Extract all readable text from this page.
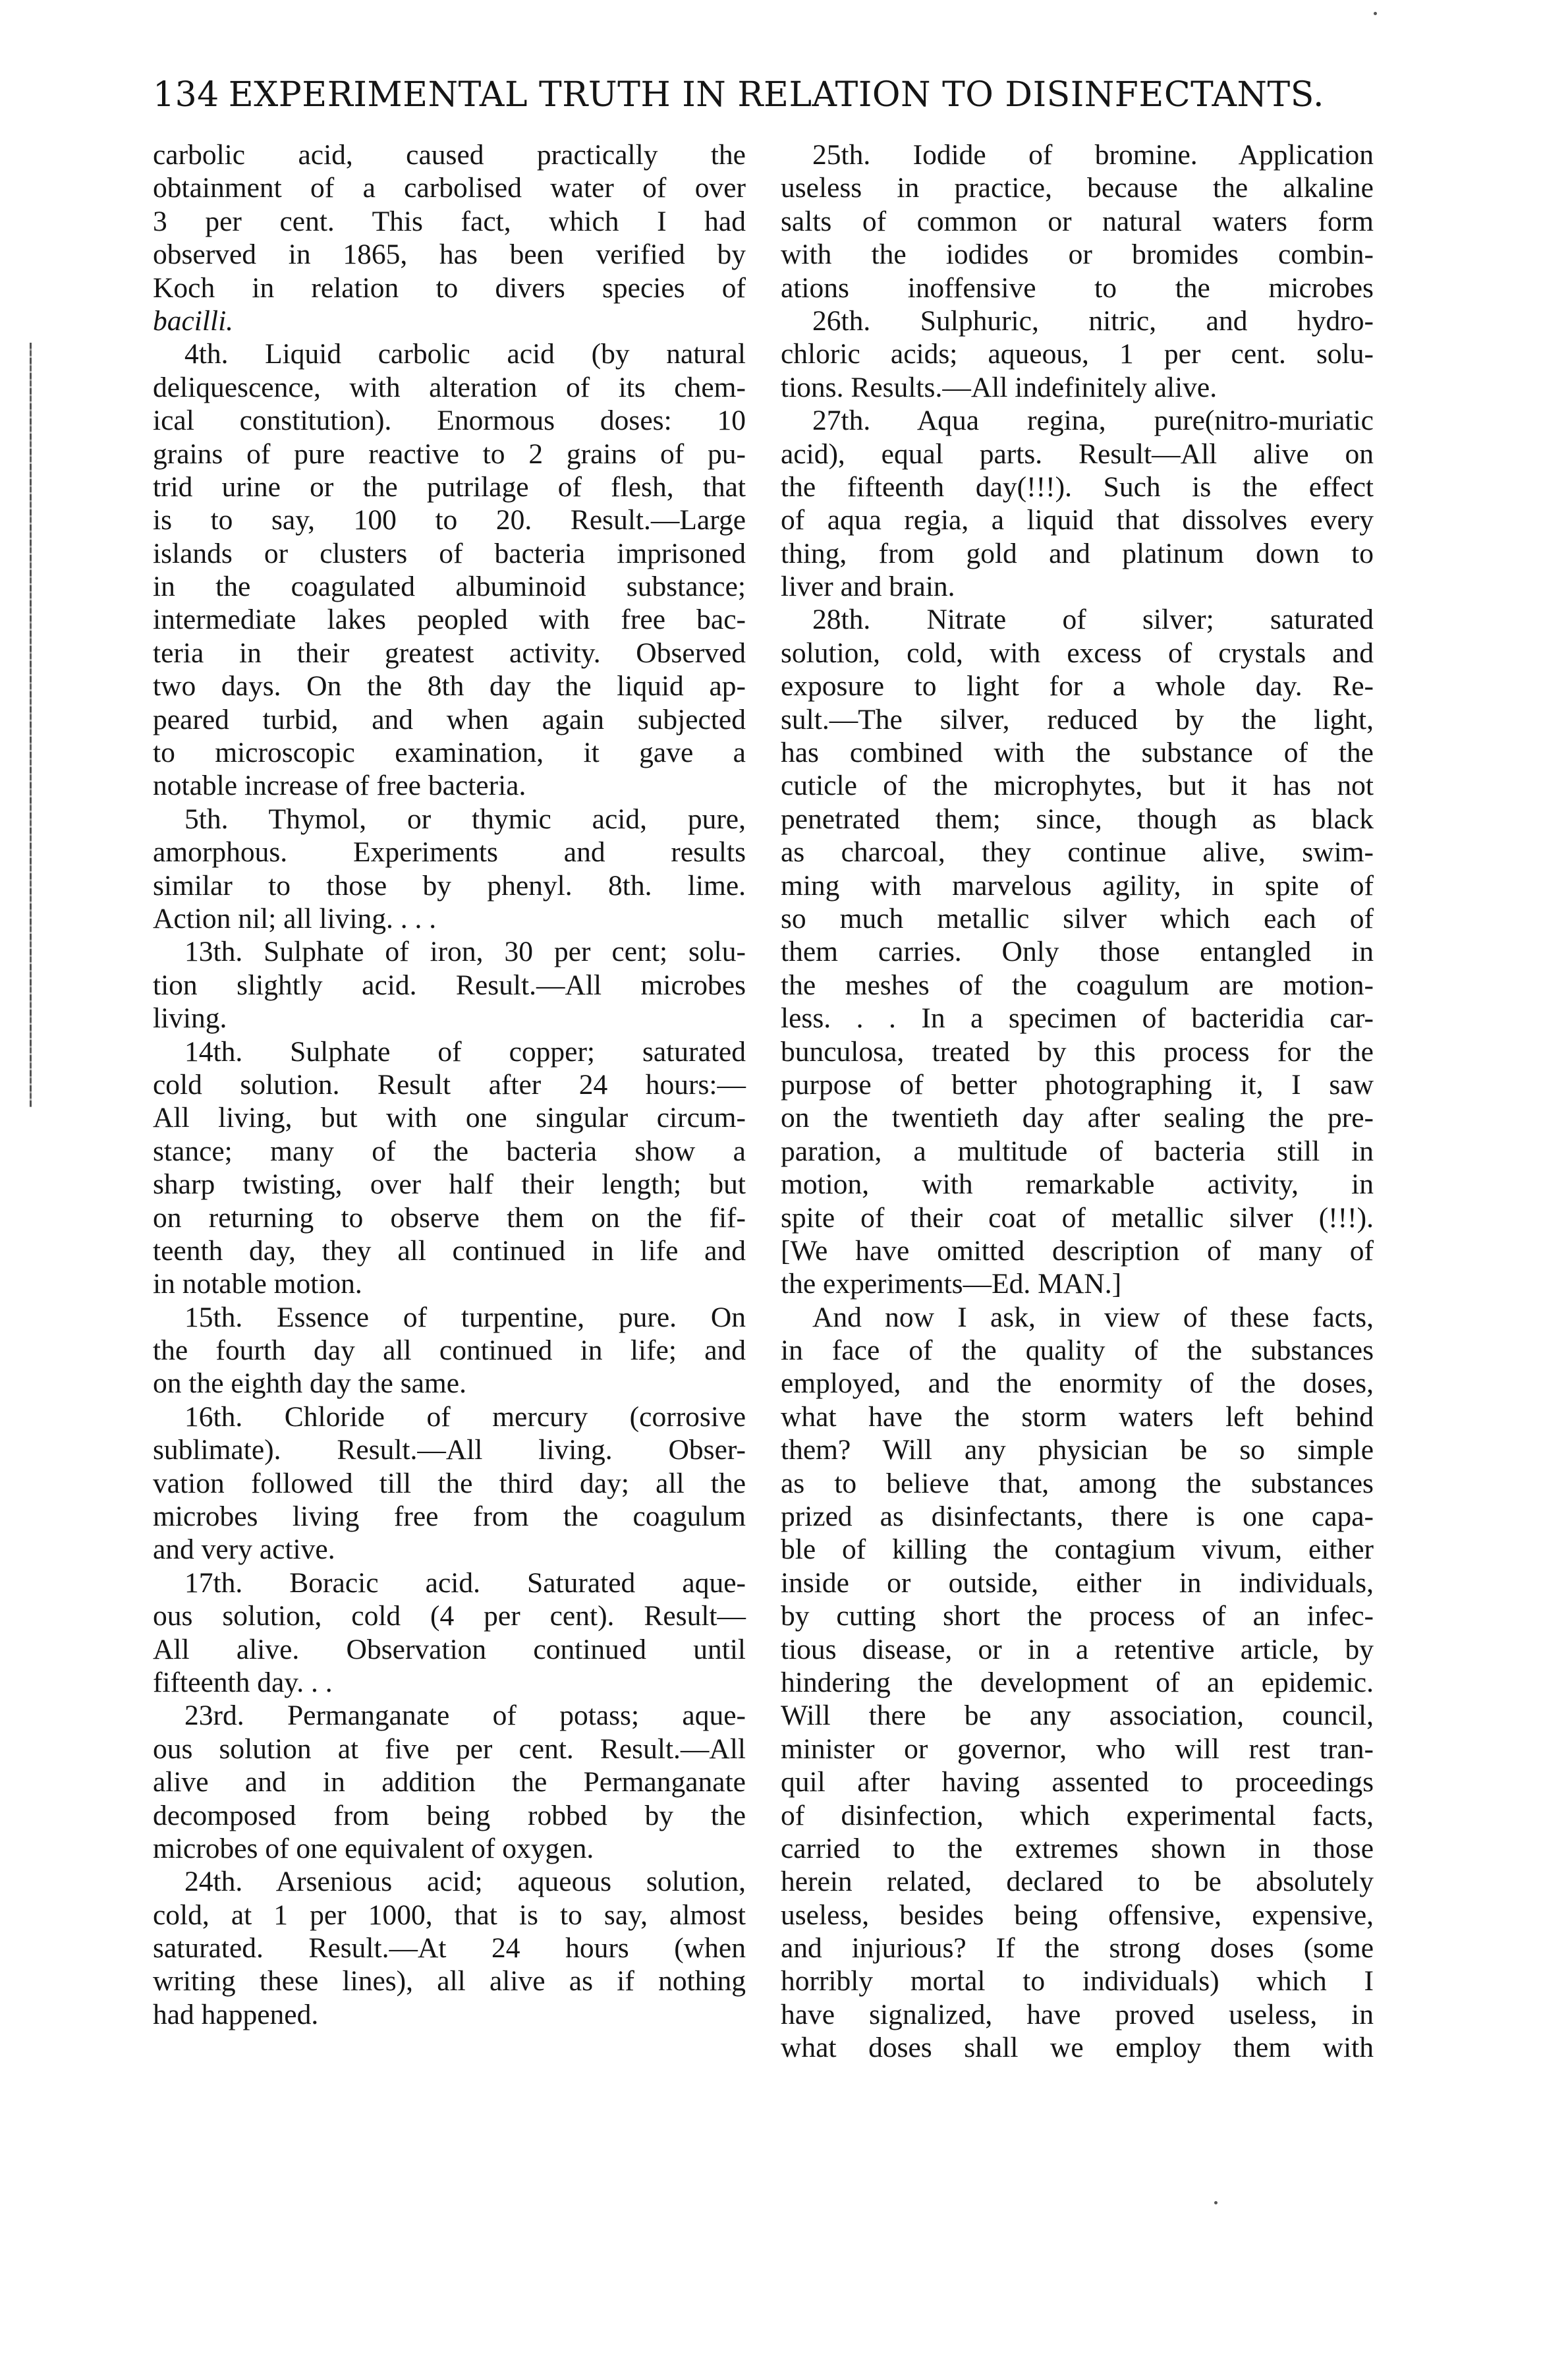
134 EXPERIMENTAL TRUTH IN RELATION TO DISINFECTANTS.
carbolic acid, caused practically the
obtainment of a carbolised water of over
3 per cent. This fact, which I had
observed in 1865, has been verified by
Koch in relation to divers species of
bacilli.
4th. Liquid carbolic acid (by natural
deliquescence, with alteration of its chem-
ical constitution). Enormous doses: 10
grains of pure reactive to 2 grains of pu-
trid urine or the putrilage of flesh, that
is to say, 100 to 20. Result.—Large
islands or clusters of bacteria imprisoned
in the coagulated albuminoid substance;
intermediate lakes peopled with free bac-
teria in their greatest activity. Observed
two days. On the 8th day the liquid ap-
peared turbid, and when again subjected
to microscopic examination, it gave a
notable increase of free bacteria.
5th. Thymol, or thymic acid, pure,
amorphous. Experiments and results
similar to those by phenyl. 8th. lime.
Action nil; all living. . . .
13th. Sulphate of iron, 30 per cent; solu-
tion slightly acid. Result.—All microbes
living.
14th. Sulphate of copper; saturated
cold solution. Result after 24 hours:—
All living, but with one singular circum-
stance; many of the bacteria show a
sharp twisting, over half their length; but
on returning to observe them on the fif-
teenth day, they all continued in life and
in notable motion.
15th. Essence of turpentine, pure. On
the fourth day all continued in life; and
on the eighth day the same.
16th. Chloride of mercury (corrosive
sublimate). Result.—All living. Obser-
vation followed till the third day; all the
microbes living free from the coagulum
and very active.
17th. Boracic acid. Saturated aque-
ous solution, cold (4 per cent). Result—
All alive. Observation continued until
fifteenth day. . .
23rd. Permanganate of potass; aque-
ous solution at five per cent. Result.—All
alive and in addition the Permanganate
decomposed from being robbed by the
microbes of one equivalent of oxygen.
24th. Arsenious acid; aqueous solution,
cold, at 1 per 1000, that is to say, almost
saturated. Result.—At 24 hours (when
writing these lines), all alive as if nothing
had happened.
25th. Iodide of bromine. Application
useless in practice, because the alkaline
salts of common or natural waters form
with the iodides or bromides combin-
ations inoffensive to the microbes
26th. Sulphuric, nitric, and hydro-
chloric acids; aqueous, 1 per cent. solu-
tions. Results.—All indefinitely alive.
27th. Aqua regina, pure(nitro-muriatic
acid), equal parts. Result—All alive on
the fifteenth day(!!!). Such is the effect
of aqua regia, a liquid that dissolves every
thing, from gold and platinum down to
liver and brain.
28th. Nitrate of silver; saturated
solution, cold, with excess of crystals and
exposure to light for a whole day. Re-
sult.—The silver, reduced by the light,
has combined with the substance of the
cuticle of the microphytes, but it has not
penetrated them; since, though as black
as charcoal, they continue alive, swim-
ming with marvelous agility, in spite of
so much metallic silver which each of
them carries. Only those entangled in
the meshes of the coagulum are motion-
less. . . In a specimen of bacteridia car-
bunculosa, treated by this process for the
purpose of better photographing it, I saw
on the twentieth day after sealing the pre-
paration, a multitude of bacteria still in
motion, with remarkable activity, in
spite of their coat of metallic silver (!!!).
[We have omitted description of many of
the experiments—Ed. MAN.]
And now I ask, in view of these facts,
in face of the quality of the substances
employed, and the enormity of the doses,
what have the storm waters left behind
them? Will any physician be so simple
as to believe that, among the substances
prized as disinfectants, there is one capa-
ble of killing the contagium vivum, either
inside or outside, either in individuals,
by cutting short the process of an infec-
tious disease, or in a retentive article, by
hindering the development of an epidemic.
Will there be any association, council,
minister or governor, who will rest tran-
quil after having assented to proceedings
of disinfection, which experimental facts,
carried to the extremes shown in those
herein related, declared to be absolutely
useless, besides being offensive, expensive,
and injurious? If the strong doses (some
horribly mortal to individuals) which I
have signalized, have proved useless, in
what doses shall we employ them with
